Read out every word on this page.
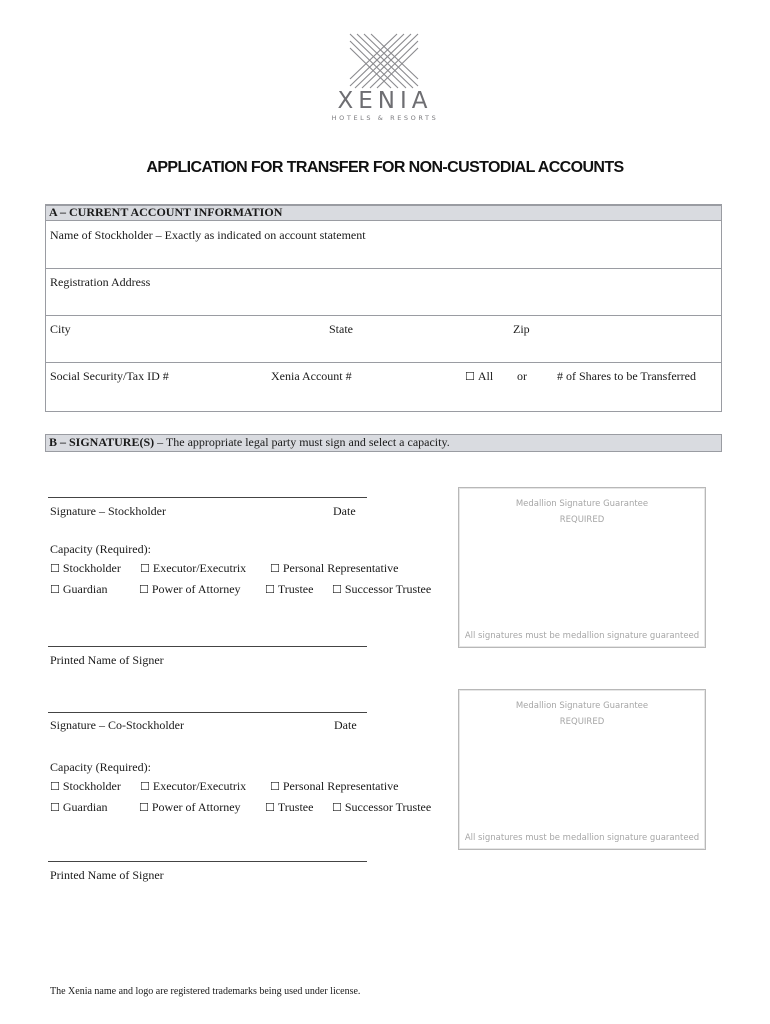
XENIA
HOTELS & RESORTS
APPLICATION FOR TRANSFER FOR NON-CUSTODIAL ACCOUNTS
A – CURRENT ACCOUNT INFORMATION
Name of Stockholder – Exactly as indicated on account statement
Registration Address
City	State	Zip
Social Security/Tax ID #	Xenia Account #	☐ All or	# of Shares to be Transferred
B – SIGNATURE(S) – The appropriate legal party must sign and select a capacity.
Signature – Stockholder	Date
Capacity (Required):
☐ Stockholder	☐ Executor/Executrix	☐ Personal Representative
☐ Guardian	☐ Power of Attorney	☐ Trustee	☐ Successor Trustee
Printed Name of Signer
Medallion Signature Guarantee
REQUIRED
All signatures must be medallion signature guaranteed
Signature – Co-Stockholder	Date
Capacity (Required):
☐ Stockholder	☐ Executor/Executrix	☐ Personal Representative
☐ Guardian	☐ Power of Attorney	☐ Trustee	☐ Successor Trustee
Printed Name of Signer
Medallion Signature Guarantee
REQUIRED
All signatures must be medallion signature guaranteed
The Xenia name and logo are registered trademarks being used under license.
